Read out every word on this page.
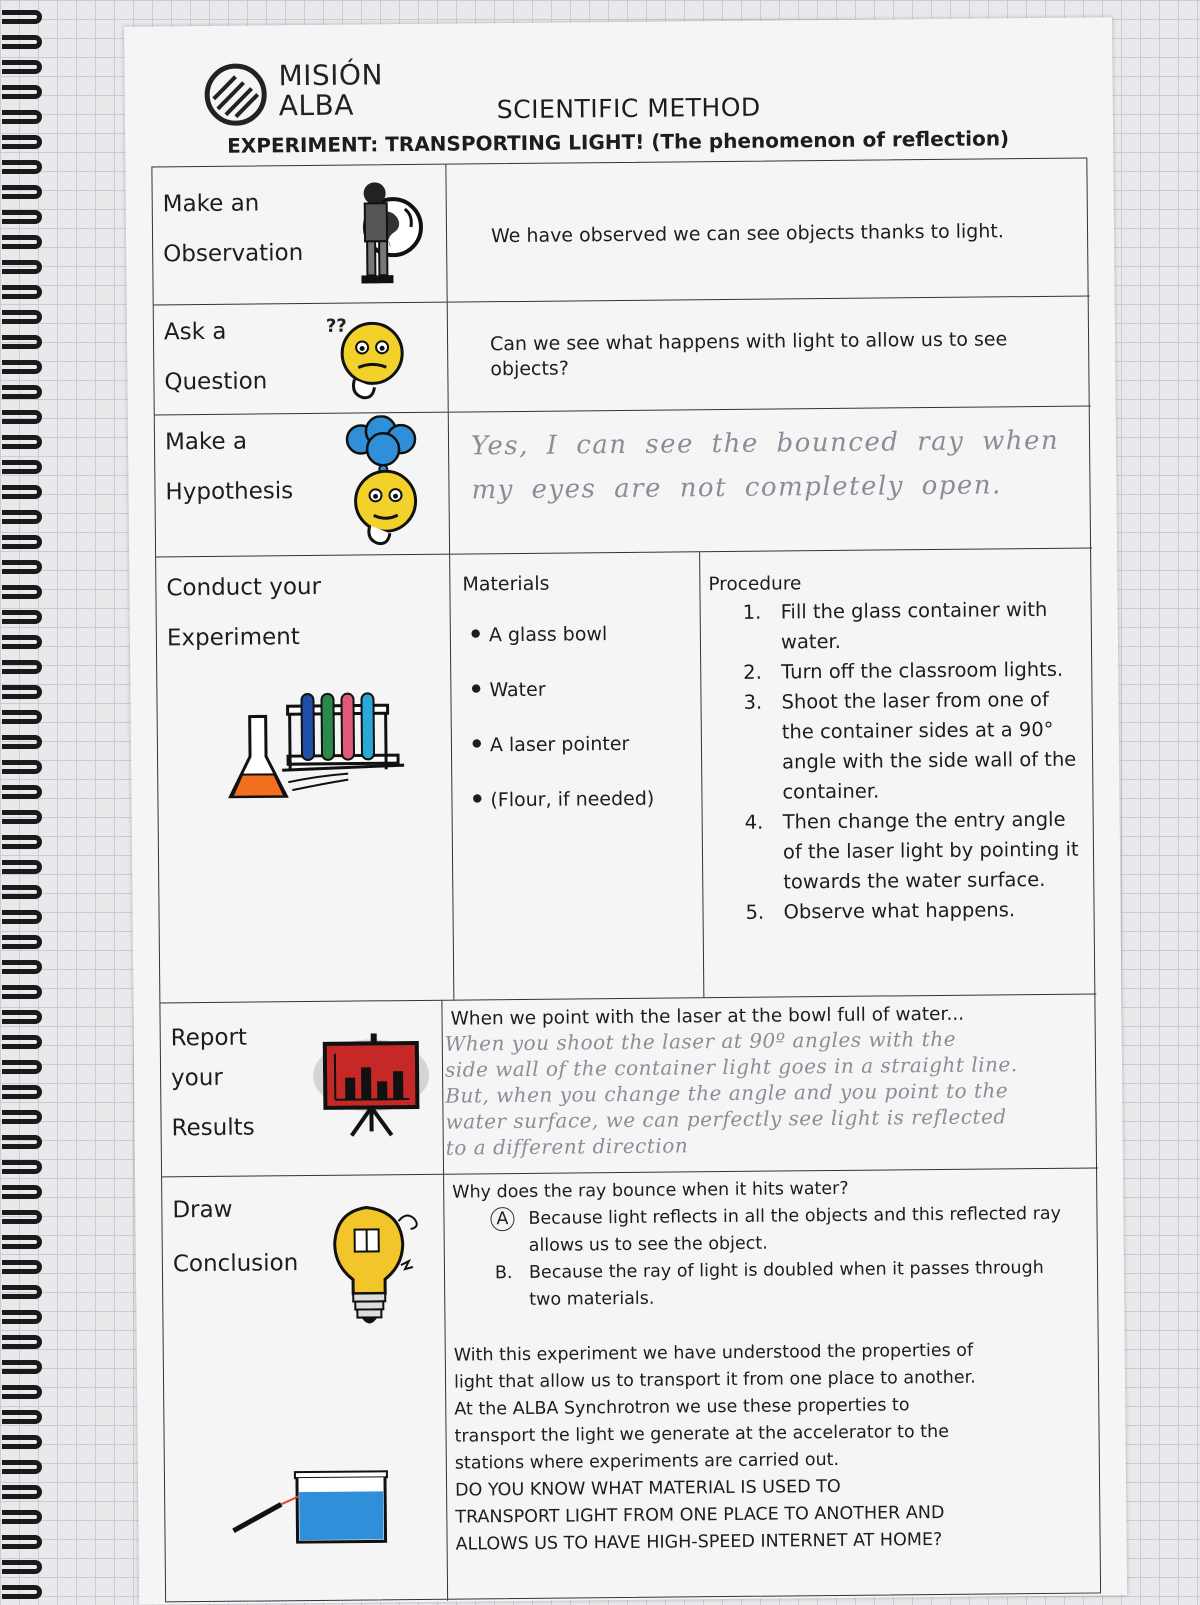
MISIÓN
ALBA	SCIENTIFIC METHOD
EXPERIMENT: TRANSPORTING LIGHT! (The phenomenon of reflection)
Make an
Observation
We have observed we can see objects thanks to light.
Ask a
Question
??
Can we see what happens with light to allow us to see objects?
Make a
Hypothesis
Yes, I can see the bounced ray when
my eyes are not completely open.
Conduct your
Experiment
Materials
● A glass bowl
● Water
● A laser pointer
● (Flour, if needed)
Procedure
1. Fill the glass container with water.
2. Turn off the classroom lights.
3. Shoot the laser from one of the container sides at a 90° angle with the side wall of the container.
4. Then change the entry angle of the laser light by pointing it towards the water surface.
5. Observe what happens.
Report
your
Results
When we point with the laser at the bowl full of water...
When you shoot the laser at 90º angles with the
side wall of the container light goes in a straight line.
But, when you change the angle and you point to the
water surface, we can perfectly see light is reflected
to a different direction
Draw
Conclusion
Why does the ray bounce when it hits water?
A	Because light reflects in all the objects and this reflected ray allows us to see the object.
B. Because the ray of light is doubled when it passes through two materials.
With this experiment we have understood the properties of
light that allow us to transport it from one place to another.
At the ALBA Synchrotron we use these properties to
transport the light we generate at the accelerator to the
stations where experiments are carried out.
DO YOU KNOW WHAT MATERIAL IS USED TO
TRANSPORT LIGHT FROM ONE PLACE TO ANOTHER AND
ALLOWS US TO HAVE HIGH-SPEED INTERNET AT HOME?
